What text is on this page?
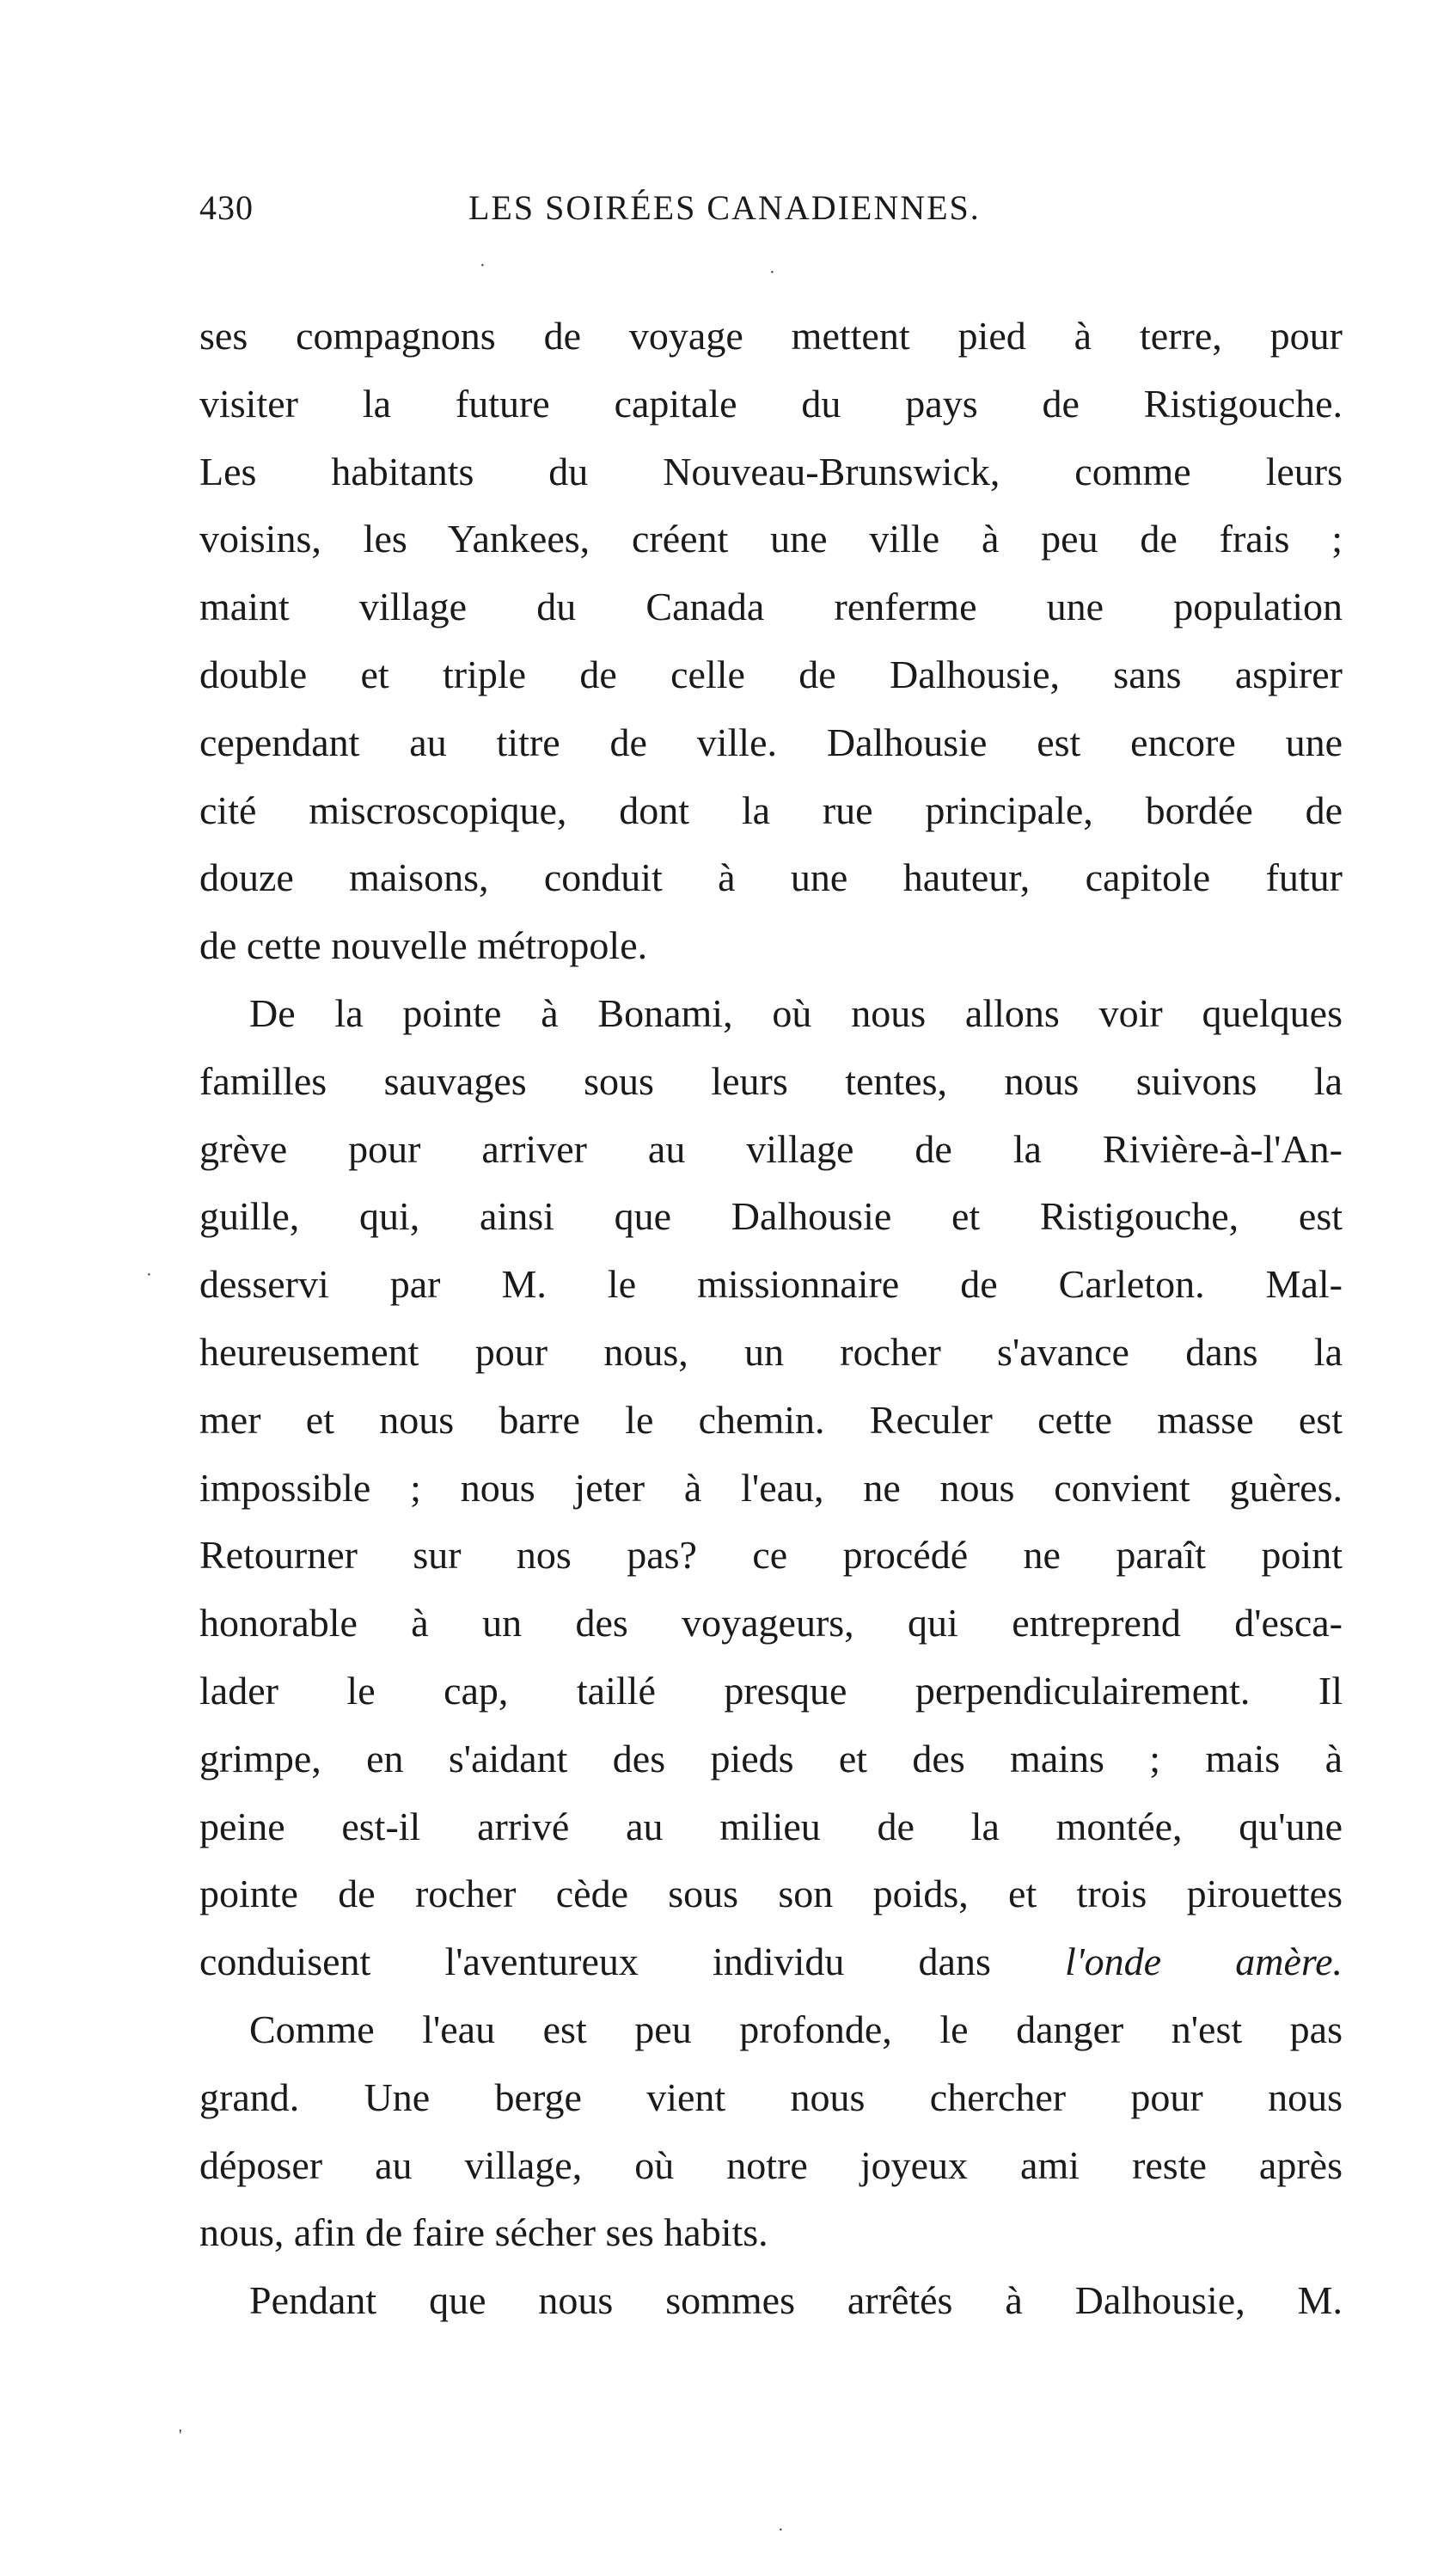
430	LES SOIRÉES CANADIENNES.
ses compagnons de voyage mettent pied à terre, pour
visiter la future capitale du pays de Ristigouche.
Les habitants du Nouveau-Brunswick, comme leurs
voisins, les Yankees, créent une ville à peu de frais ;
maint village du Canada renferme une population
double et triple de celle de Dalhousie, sans aspirer
cependant au titre de ville. Dalhousie est encore une
cité miscroscopique, dont la rue principale, bordée de
douze maisons, conduit à une hauteur, capitole futur
de cette nouvelle métropole.
De la pointe à Bonami, où nous allons voir quelques
familles sauvages sous leurs tentes, nous suivons la
grève pour arriver au village de la Rivière-à-l'An-
guille, qui, ainsi que Dalhousie et Ristigouche, est
desservi par M. le missionnaire de Carleton. Mal-
heureusement pour nous, un rocher s'avance dans la
mer et nous barre le chemin. Reculer cette masse est
impossible ; nous jeter à l'eau, ne nous convient guères.
Retourner sur nos pas? ce procédé ne paraît point
honorable à un des voyageurs, qui entreprend d'esca-
lader le cap, taillé presque perpendiculairement. Il
grimpe, en s'aidant des pieds et des mains ; mais à
peine est-il arrivé au milieu de la montée, qu'une
pointe de rocher cède sous son poids, et trois pirouettes
conduisent l'aventureux individu dans l'onde amère.
Comme l'eau est peu profonde, le danger n'est pas
grand. Une berge vient nous chercher pour nous
déposer au village, où notre joyeux ami reste après
nous, afin de faire sécher ses habits.
Pendant que nous sommes arrêtés à Dalhousie, M.
·	·
·
'
·
